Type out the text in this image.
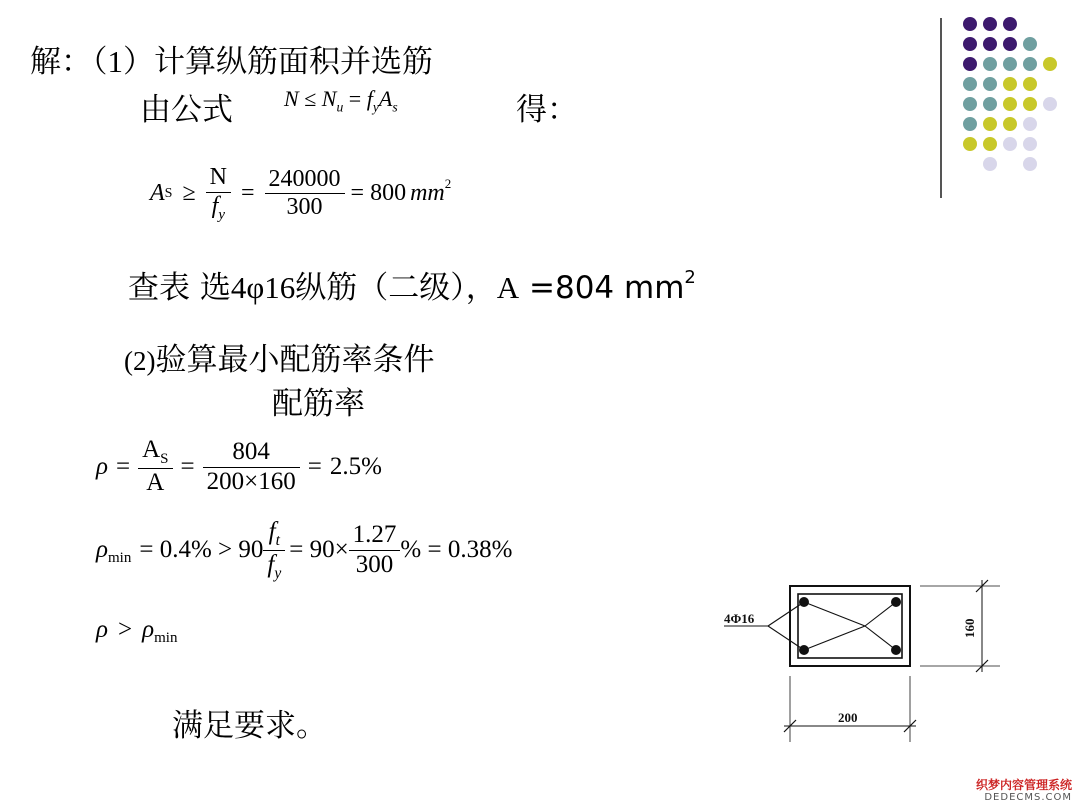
解：（1）计算纵筋面积并选筋
由公式 $N \le N_u = f_yA_s$	得：
A $S \ge \frac{N}{f_y} = \frac{240000}{300} = 800$ $mm^2$
查表 选4φ16纵筋（二级），A =804 $mm^2$
(2)验算最小配筋率条件
配筋率
$\rho = \frac{A_S}{A} = \frac{804}{200\times 160} = 2.5\%$
$\rho_{min} = 0.4\% > 90 \frac{f_t}{f_y} = 90\times \frac{1.27}{300}$ % = 0.38%
$\rho > \rho_{min}$
满足要求。
4Φ16	160
200
织梦内容管理系统
DEDECMS.COM
